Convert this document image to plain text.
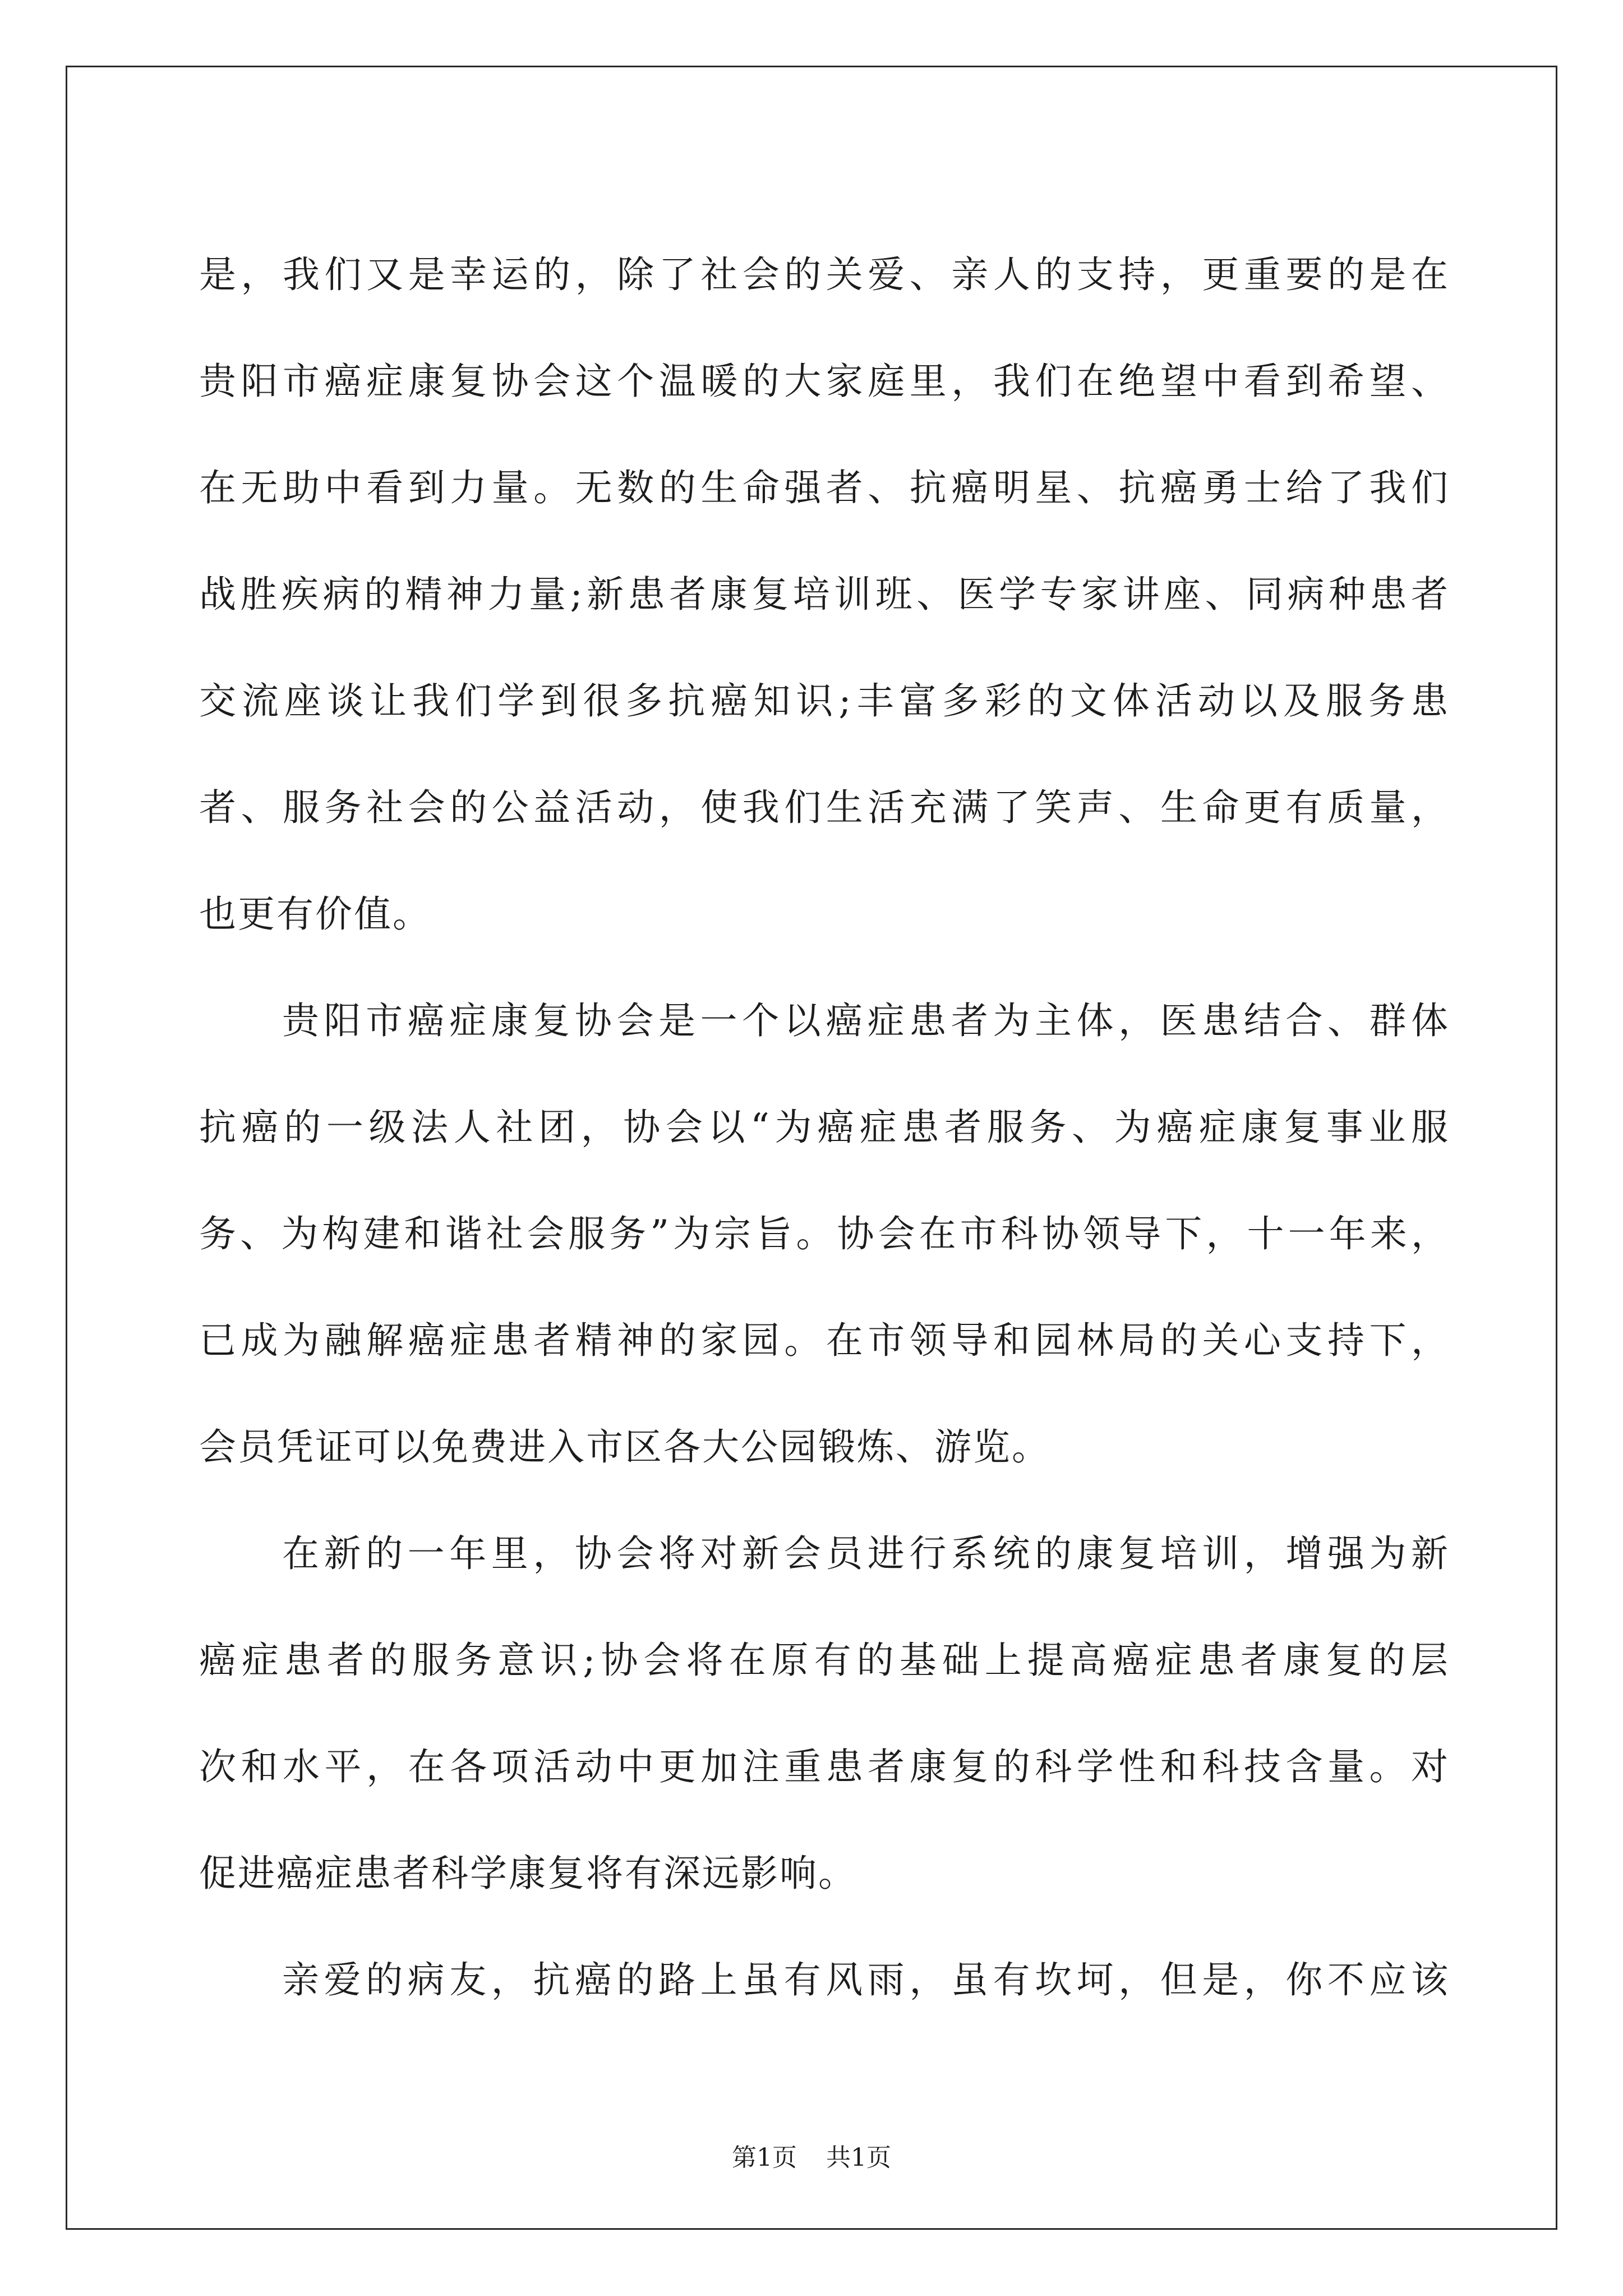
是，我们又是幸运的，除了社会的关爱、亲人的支持，更重要的是在
贵阳市癌症康复协会这个温暖的大家庭里，我们在绝望中看到希望、
在无助中看到力量。无数的生命强者、抗癌明星、抗癌勇士给了我们
战胜疾病的精神力量;新患者康复培训班、医学专家讲座、同病种患者
交流座谈让我们学到很多抗癌知识;丰富多彩的文体活动以及服务患
者、服务社会的公益活动，使我们生活充满了笑声、生命更有质量，
也更有价值。

贵阳市癌症康复协会是一个以癌症患者为主体，医患结合、群体
抗癌的一级法人社团，协会以“为癌症患者服务、为癌症康复事业服
务、为构建和谐社会服务”为宗旨。协会在市科协领导下，十一年来，
已成为融解癌症患者精神的家园。在市领导和园林局的关心支持下，
会员凭证可以免费进入市区各大公园锻炼、游览。

在新的一年里，协会将对新会员进行系统的康复培训，增强为新
癌症患者的服务意识;协会将在原有的基础上提高癌症患者康复的层
次和水平，在各项活动中更加注重患者康复的科学性和科技含量。对
促进癌症患者科学康复将有深远影响。

亲爱的病友，抗癌的路上虽有风雨，虽有坎坷，但是，你不应该

第1页 共1页
